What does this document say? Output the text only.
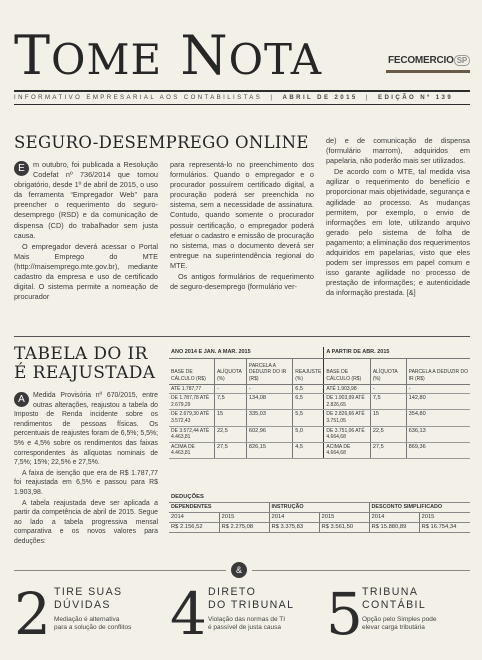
TOME NOTA	FECOMERCIO SP
INFORMATIVO EMPRESARIAL AOS CONTABILISTAS  |  ABRIL DE 2015  |  EDIÇÃO Nº 139
SEGURO-DESEMPREGO ONLINE

E	m outubro, foi publicada a Resolução Codefat nº 736/2014 que tornou obrigatório, desde 1º de abril de 2015, o uso da ferramenta “Empregador Web” para preencher o requerimento do seguro-desemprego (RSD) e da comunicação de dispensa (CD) do trabalhador sem justa causa.

O empregador deverá acessar o Portal Mais Emprego do MTE (http://maisemprego.mte.gov.br), mediante cadastro da empresa e uso de certificado digital. O sistema permite a nomeação de procurador

para representá-lo no preenchimento dos formulários. Quando o empregador e o procurador possuírem certificado digital, a procuração poderá ser preenchida no sistema, sem a necessidade de assinatura. Contudo, quando somente o procurador possuir certificação, o empregador poderá efetuar o cadastro e emissão de procuração no sistema, mas o documento deverá ser entregue na superintendência regional do MTE.

Os antigos formulários de requerimento de seguro-desemprego (formulário ver-

de) e de comunicação de dispensa (formulário marrom), adquiridos em papelaria, não poderão mais ser utilizados.

De acordo com o MTE, tal medida visa agilizar o requerimento do benefício e proporcionar mais objetividade, segurança e agilidade ao processo. As mudanças permitem, por exemplo, o envio de informações em lote, utilizando arquivo gerado pelo sistema de folha de pagamento; a eliminação dos requerimentos adquiridos em papelarias, visto que eles podem ser impressos em papel comum e isso garante agilidade no processo de prestação de informações; e autenticidade da informação prestada. [&]

TABELA DO IR
É REAJUSTADA

A	Medida Provisória nº 670/2015, entre outras alterações, reajustou a tabela do Imposto de Renda incidente sobre os rendimentos de pessoas físicas. Os percentuais de reajustes foram de 6,5%; 5,5%; 5% e 4,5% sobre os rendimentos das faixas correspondentes às alíquotas nominais de 7,5%; 15%; 22,5% e 27,5%.

A faixa de isenção que era de R$ 1.787,77 foi reajustada em 6,5% e passou para R$ 1.903,98.

A tabela reajustada deve ser aplicada a partir da competência de abril de 2015. Segue ao lado a tabela progressiva mensal comparativa e os novos valores para deduções:

ANO 2014 E JAN. A MAR. 2015				A PARTIR DE ABR. 2015		
BASE DE CÁLCULO (R$)	ALÍQUOTA (%)	PARCELA A DEDUZIR DO IR (R$)	REAJUSTE (%)	BASE DE CÁLCULO (R$)	ALÍQUOTA (%)	PARCELA A DEDUZIR DO IR (R$)
ATÉ 1.787,77	-	-	6,5	ATÉ 1.903,98	-	-
DE 1.787,78 ATÉ 2.679,29	7,5	134,08	6,5	DE 1.903,99 ATÉ 2.826,65	7,5	142,80
DE 2.679,30 ATÉ 3.572,43	15	335,03	5,5	DE 2.826,66 ATÉ 3.751,05	15	354,80
DE 3.572,44 ATÉ 4.463,81	22,5	602,96	5,0	DE 3.751,06 ATÉ 4.664,68	22,5	636,13
ACIMA DE 4.463,81	27,5	826,15	4,5	ACIMA DE 4.664,68	27,5	869,36
DEDUÇÕES					
DEPENDENTES		INSTRUÇÃO		DESCONTO SIMPLIFICADO	
2014	2015	2014	2015	2014	2015
R$ 2.156,52	R$ 2.275,08	R$ 3.375,83	R$ 3.561,50	R$ 15.880,89	R$ 16.754,34
&
2 TIRE SUAS
DÚVIDAS
Mediação é alternativa
para a solução de conflitos 4 DIRETO
DO TRIBUNAL
Violação das normas de TI
é passível de justa causa 5 TRIBUNA
CONTÁBIL
Opção pelo Simples pode
elevar carga tributária
